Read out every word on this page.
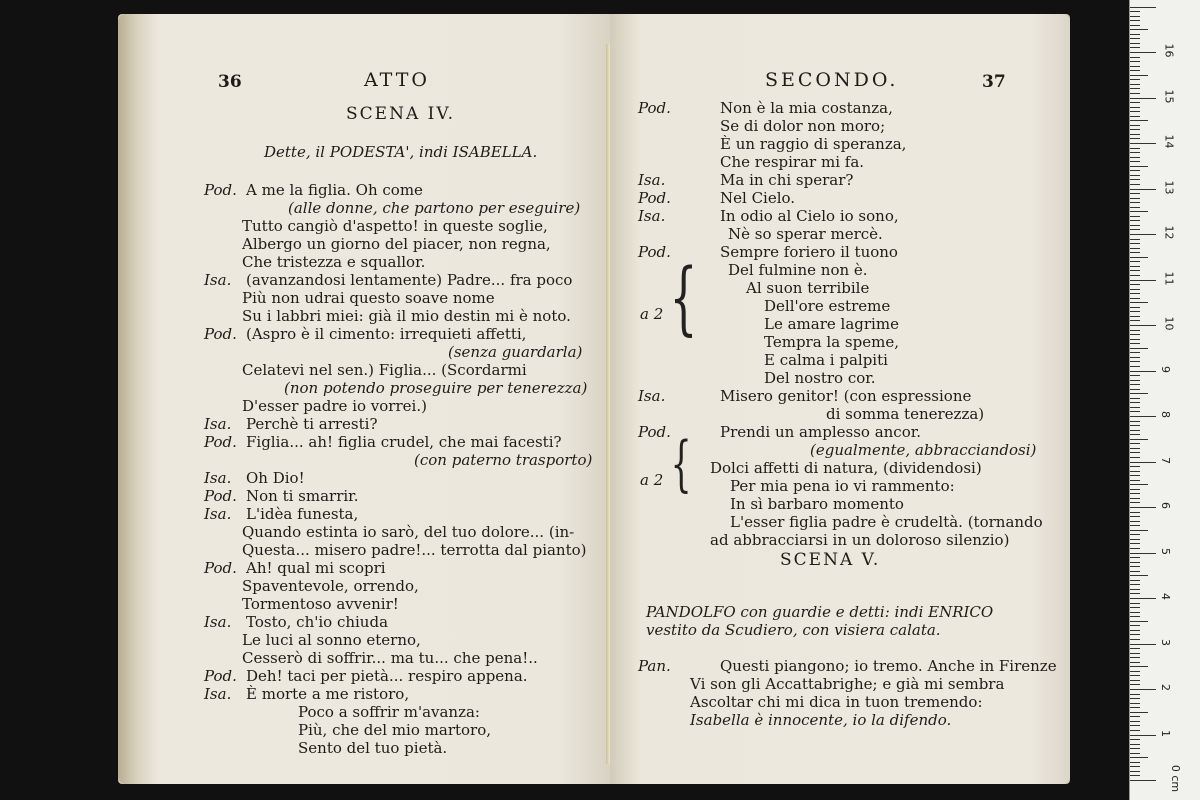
36	ATTO
SCENA IV.
Dette, il PODESTA', indi ISABELLA.
Pod. A me la figlia. Oh come
(alle donne, che partono per eseguire)
Tutto cangiò d'aspetto! in queste soglie,
Albergo un giorno del piacer, non regna,
Che tristezza e squallor.
Isa. (avanzandosi lentamente) Padre... fra poco
Più non udrai questo soave nome
Su i labbri miei: già il mio destin mi è noto.
Pod. (Aspro è il cimento: irrequieti affetti,
(senza guardarla)
Celatevi nel sen.) Figlia... (Scordarmi
(non potendo proseguire per tenerezza)
D'esser padre io vorrei.)
Isa. Perchè ti arresti?
Pod. Figlia... ah! figlia crudel, che mai facesti?
(con paterno trasporto)
Isa. Oh Dio!
Pod. Non ti smarrir.
Isa. L'idèa funesta,
Quando estinta io sarò, del tuo dolore... (in-
Questa... misero padre!... terrotta dal pianto)
Pod. Ah! qual mi scopri
Spaventevole, orrendo,
Tormentoso avvenir!
Isa. Tosto, ch'io chiuda
Le luci al sonno eterno,
Cesserò di soffrir... ma tu... che pena!..
Pod. Deh! taci per pietà... respiro appena.
Isa. È morte a me ristoro,
Poco a soffrir m'avanza:
Più, che del mio martoro,
Sento del tuo pietà.
SECONDO.	37
{
a 2
{
a 2
SCENA V.
Pod.	Non è la mia costanza,
Se di dolor non moro;
È un raggio di speranza,
Che respirar mi fa.
Isa.	Ma in chi sperar?
Pod.	Nel Cielo.
Isa.	In odio al Cielo io sono,
Nè so sperar mercè.
Pod.	Sempre foriero il tuono
Del fulmine non è.
Al suon terribile
Dell'ore estreme
Le amare lagrime
Tempra la speme,
E calma i palpiti
Del nostro cor.
Isa.	Misero genitor! (con espressione
di somma tenerezza)
Pod.	Prendi un amplesso ancor.
(egualmente, abbracciandosi)
Dolci affetti di natura, (dividendosi)
Per mia pena io vi rammento:
In sì barbaro momento
L'esser figlia padre è crudeltà. (tornando
ad abbracciarsi in un doloroso silenzio)
PANDOLFO con guardie e detti: indi ENRICO
vestito da Scudiero, con visiera calata.
Pan.	Questi piangono; io tremo. Anche in Firenze
Vi son gli Accattabrighe; e già mi sembra
Ascoltar chi mi dica in tuon tremendo:
Isabella è innocente, io la difendo.
0 cm
1
2
3
4
5
6
7
8
9
10
11
12
13
14
15
16
